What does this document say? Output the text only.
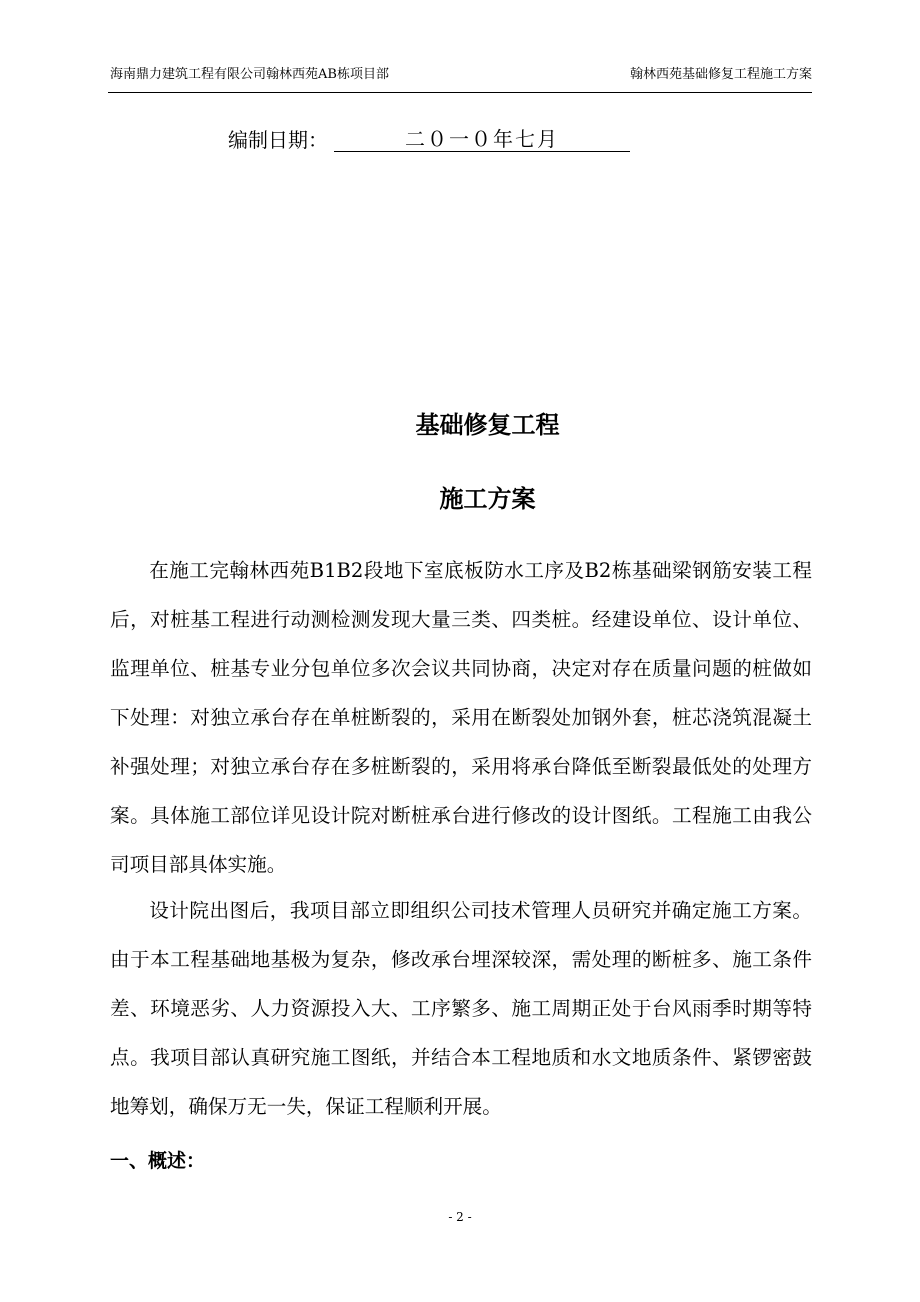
海南鼎力建筑工程有限公司翰林西苑AB栋项目部	翰林西苑基础修复工程施工方案
编制日期：	二０一０年七月
基础修复工程
施工方案

在施工完翰林西苑B1B2段地下室底板防水工序及B2栋基础梁钢筋安装工程后，对桩基工程进行动测检测发现大量三类、四类桩。经建设单位、设计单位、监理单位、桩基专业分包单位多次会议共同协商，决定对存在质量问题的桩做如下处理：对独立承台存在单桩断裂的，采用在断裂处加钢外套，桩芯浇筑混凝土补强处理；对独立承台存在多桩断裂的，采用将承台降低至断裂最低处的处理方案。具体施工部位详见设计院对断桩承台进行修改的设计图纸。工程施工由我公司项目部具体实施。

设计院出图后，我项目部立即组织公司技术管理人员研究并确定施工方案。由于本工程基础地基极为复杂，修改承台埋深较深，需处理的断桩多、施工条件差、环境恶劣、人力资源投入大、工序繁多、施工周期正处于台风雨季时期等特点。我项目部认真研究施工图纸，并结合本工程地质和水文地质条件、紧锣密鼓地筹划，确保万无一失，保证工程顺利开展。

一、概述：
- 2 -
